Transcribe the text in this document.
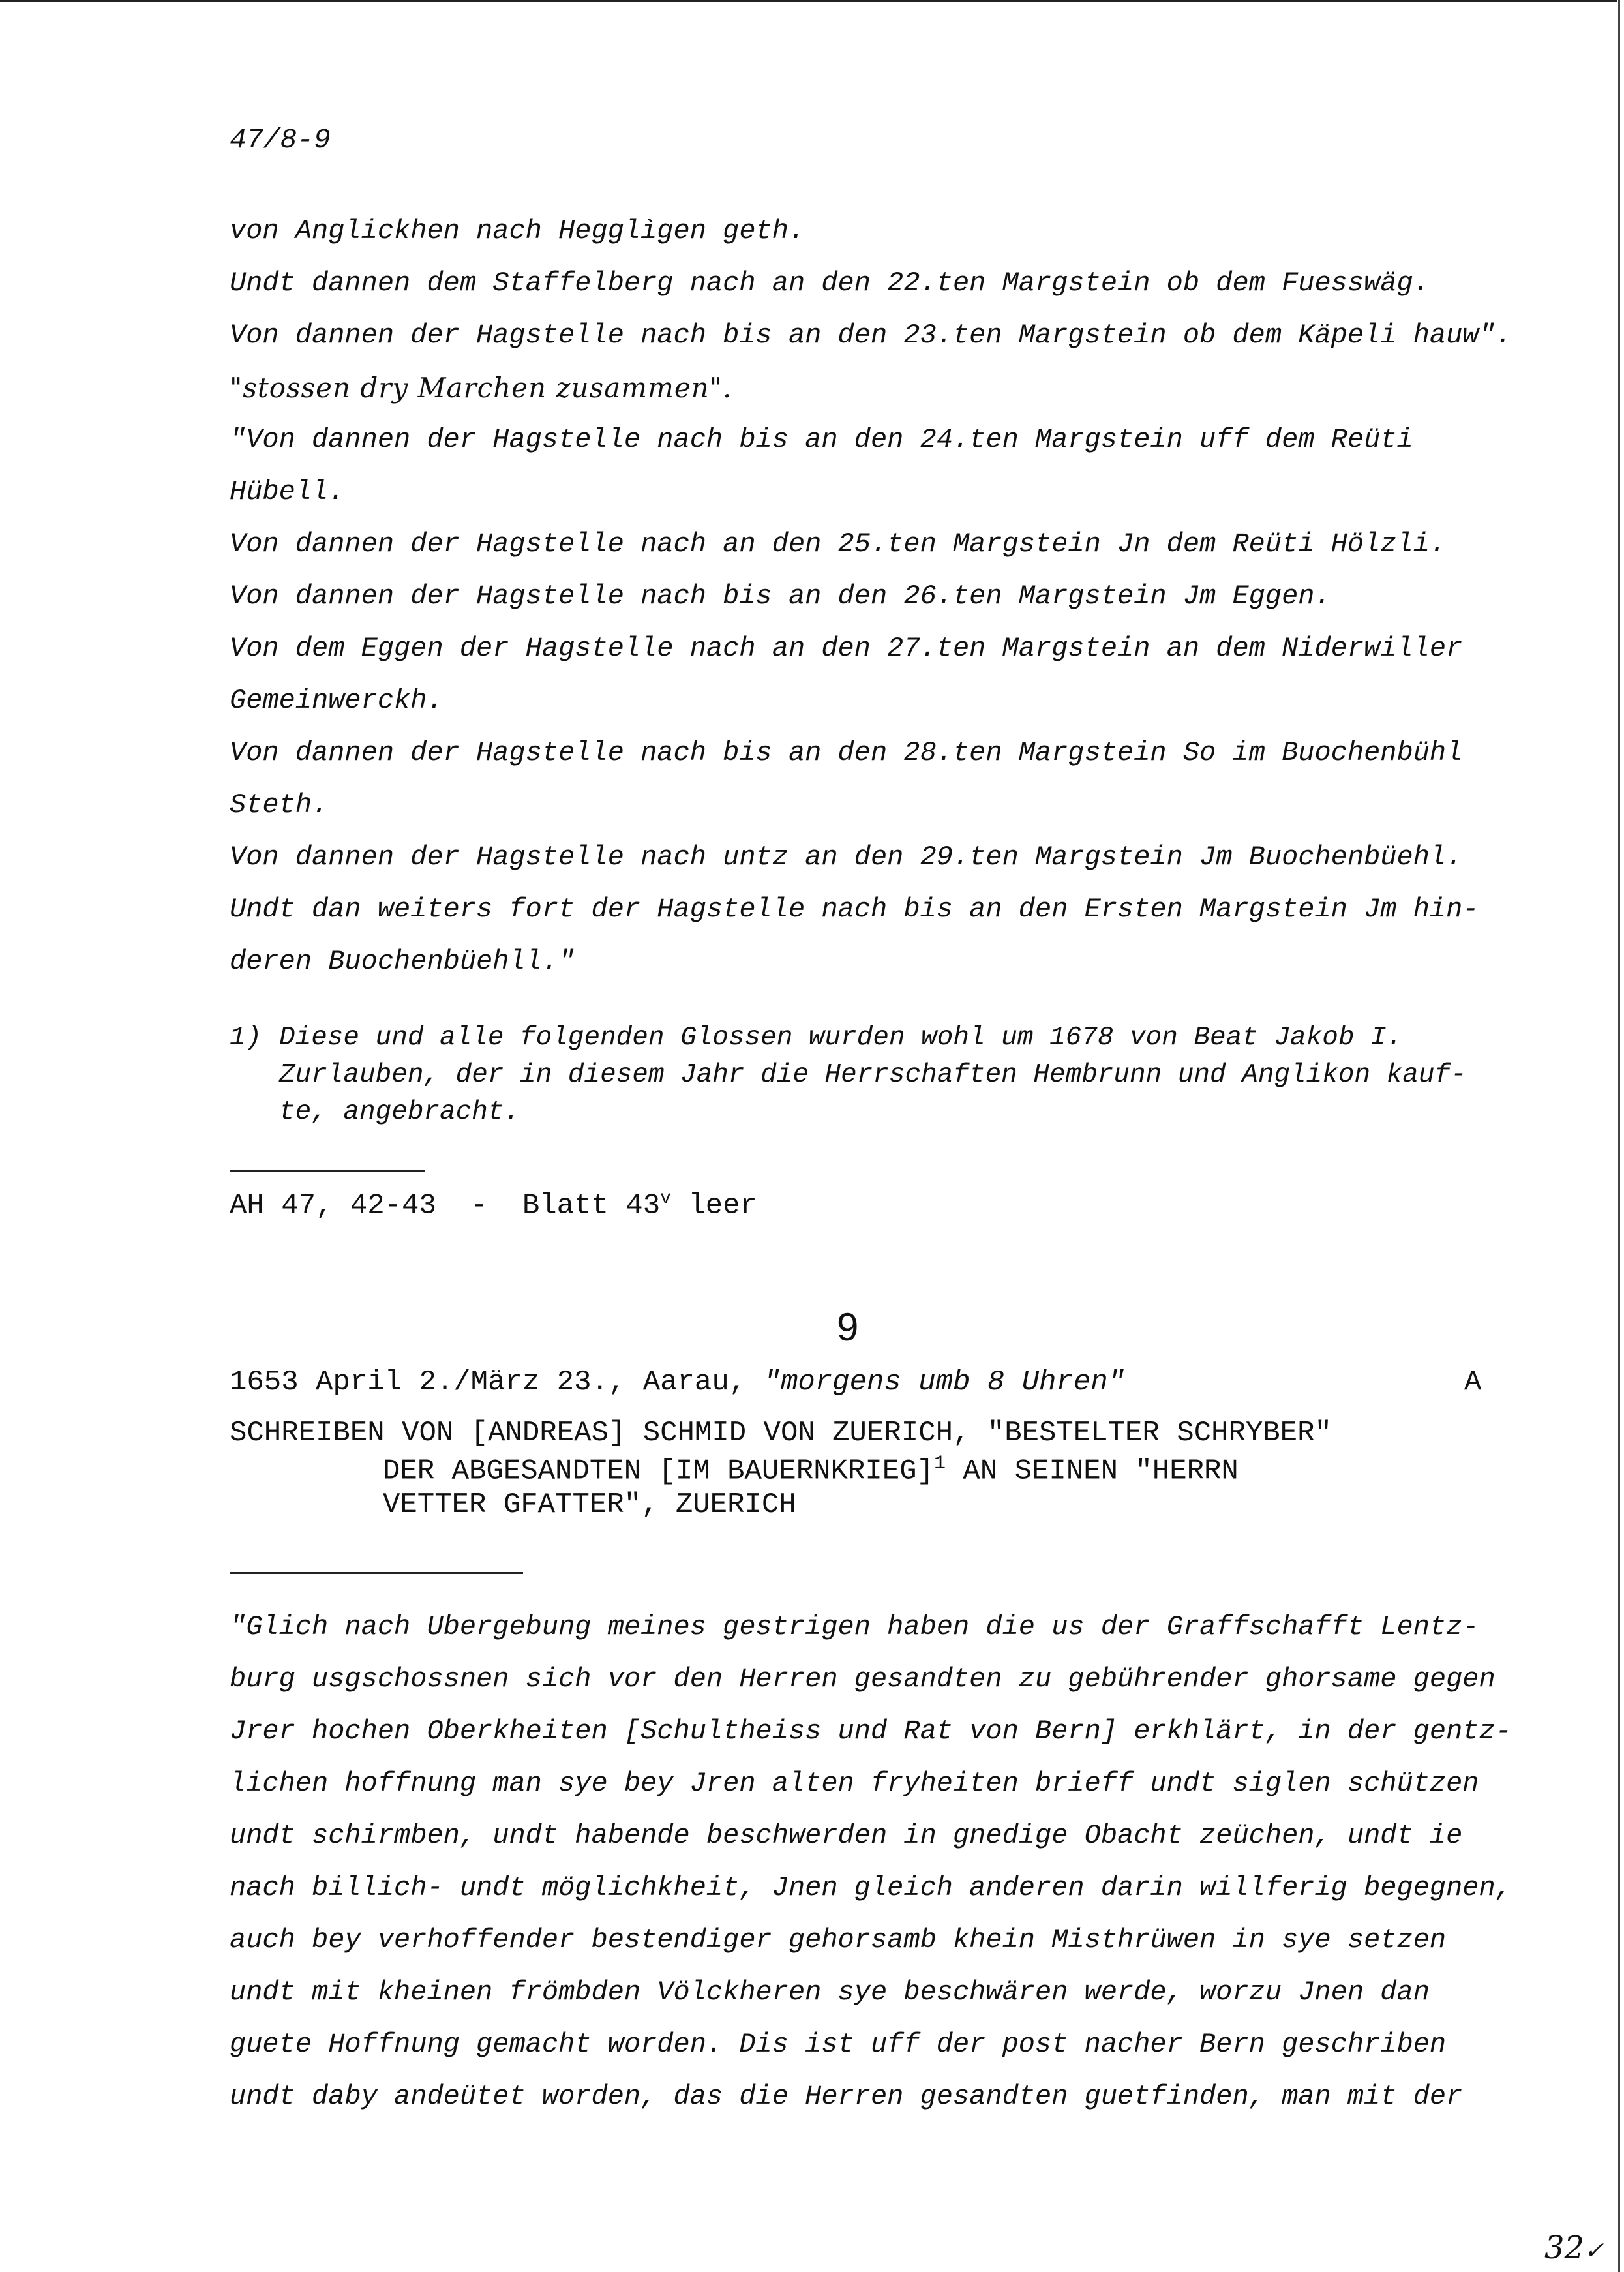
47/8-9
von Anglickhen nach Hegglìgen geth.
Undt dannen dem Staffelberg nach an den 22.ten Margstein ob dem Fuesswäg.
Von dannen der Hagstelle nach bis an den 23.ten Margstein ob dem Käpeli hauw".
"stossen dry Marchen zusammen".
"Von dannen der Hagstelle nach bis an den 24.ten Margstein uff dem Reüti
Hübell.
Von dannen der Hagstelle nach an den 25.ten Margstein Jn dem Reüti Hölzli.
Von dannen der Hagstelle nach bis an den 26.ten Margstein Jm Eggen.
Von dem Eggen der Hagstelle nach an den 27.ten Margstein an dem Niderwiller
Gemeinwerckh.
Von dannen der Hagstelle nach bis an den 28.ten Margstein So im Buochenbühl
Steth.
Von dannen der Hagstelle nach untz an den 29.ten Margstein Jm Buochenbüehl.
Undt dan weiters fort der Hagstelle nach bis an den Ersten Margstein Jm hin-
deren Buochenbüehll."
1) Diese und alle folgenden Glossen wurden wohl um 1678 von Beat Jakob I.
Zurlauben, der in diesem Jahr die Herrschaften Hembrunn und Anglikon kauf-
te, angebracht.
AH 47, 42-43  -  Blatt 43$^v$ leer
9
1653 April 2./März 23., Aarau, "morgens umb 8 Uhren"	A
SCHREIBEN VON [ANDREAS] SCHMID VON ZUERICH, "BESTELTER SCHRYBER"
DER ABGESANDTEN [IM BAUERNKRIEG]$^1$ AN SEINEN "HERRN
VETTER GFATTER", ZUERICH
"Glich nach Ubergebung meines gestrigen haben die us der Graffschafft Lentz-
burg usgschossnen sich vor den Herren gesandten zu gebührender ghorsame gegen
Jrer hochen Oberkheiten [Schultheiss und Rat von Bern] erkhlärt, in der gentz-
lichen hoffnung man sye bey Jren alten fryheiten brieff undt siglen schützen
undt schirmben, undt habende beschwerden in gnedige Obacht zeüchen, undt ie
nach billich- undt möglichkheit, Jnen gleich anderen darin willferig begegnen,
auch bey verhoffender bestendiger gehorsamb khein Misthrüwen in sye setzen
undt mit kheinen frömbden Völckheren sye beschwären werde, worzu Jnen dan
guete Hoffnung gemacht worden. Dis ist uff der post nacher Bern geschriben
undt daby andeütet worden, das die Herren gesandten guetfinden, man mit der
32✓
